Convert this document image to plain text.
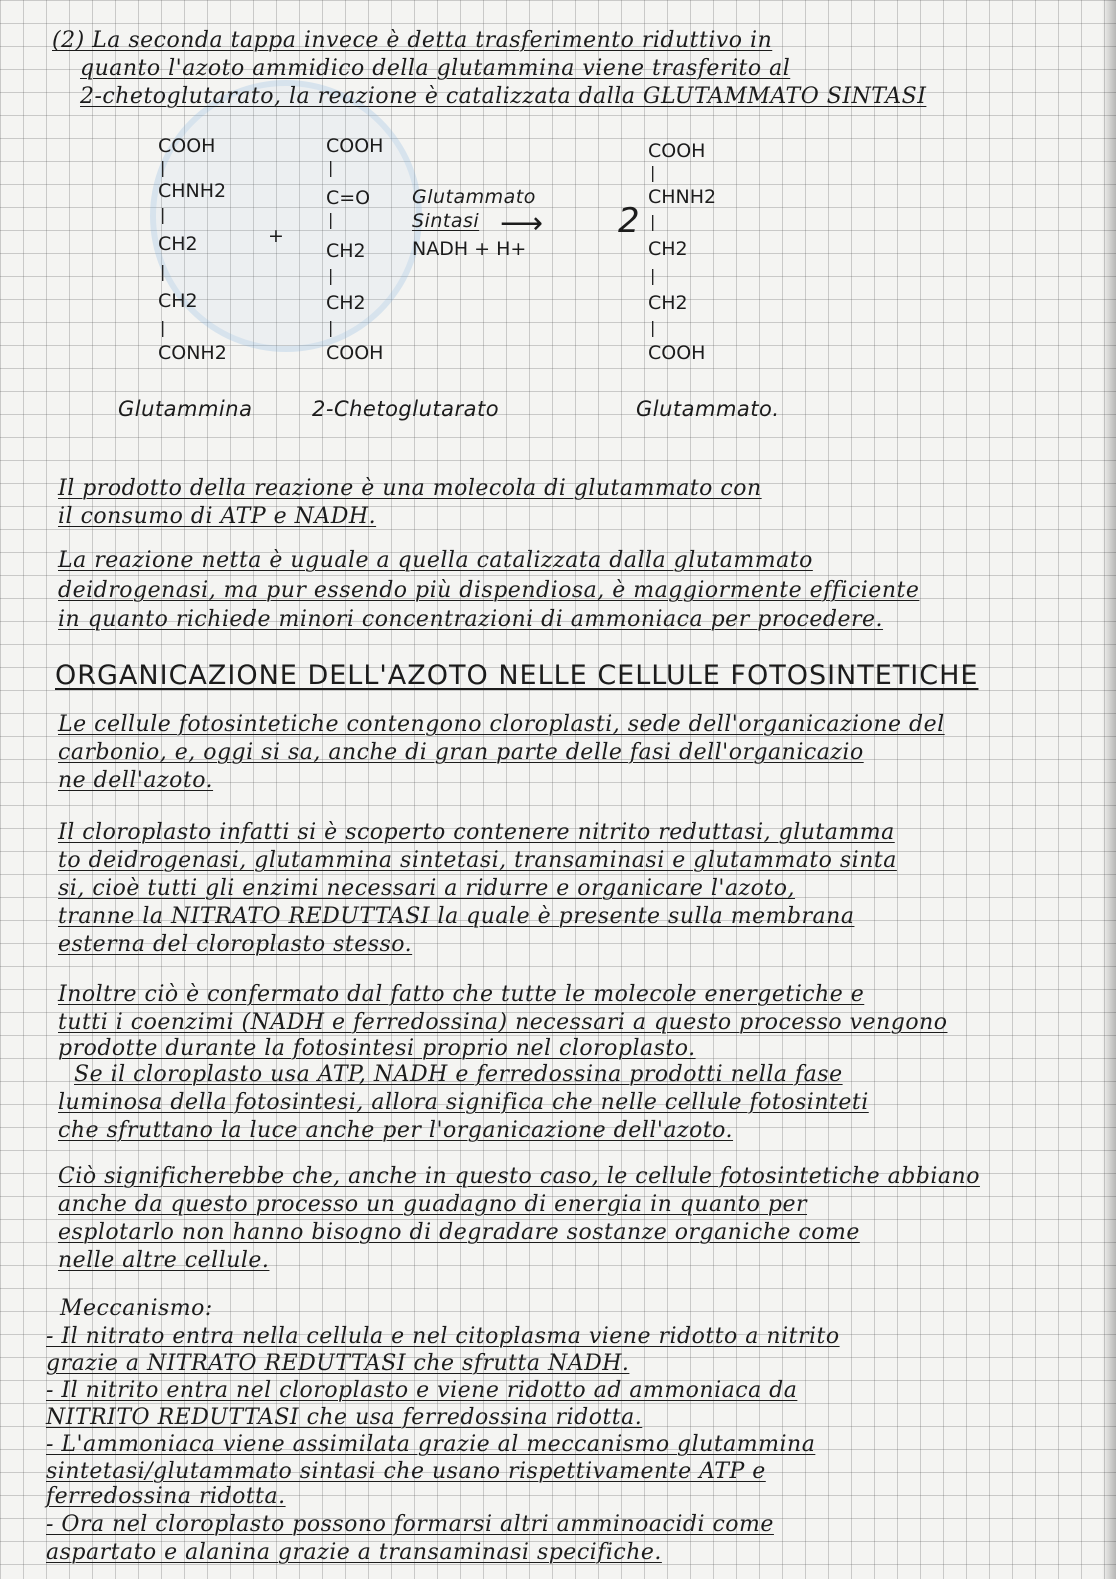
(2) La seconda tappa invece è detta trasferimento riduttivo in
quanto l'azoto ammidico della glutammina viene trasferito al
2-chetoglutarato, la reazione è catalizzata dalla GLUTAMMATO SINTASI
COOH
|
CHNH2
|
CH2
|
CH2
|
CONH2
+
COOH
|
C=O
|
CH2
|
CH2
|
COOH
Glutammato
Sintasi
NADH + H+
⟶ 2
COOH
|
CHNH2
|
CH2
|
CH2
|
COOH
Glutammina	2-Chetoglutarato	Glutammato.
Il prodotto della reazione è una molecola di glutammato con
il consumo di ATP e NADH.
La reazione netta è uguale a quella catalizzata dalla glutammato
deidrogenasi, ma pur essendo più dispendiosa, è maggiormente efficiente
in quanto richiede minori concentrazioni di ammoniaca per procedere.
ORGANICAZIONE DELL'AZOTO NELLE CELLULE FOTOSINTETICHE
Le cellule fotosintetiche contengono cloroplasti, sede dell'organicazione del
carbonio, e, oggi si sa, anche di gran parte delle fasi dell'organicazio
ne dell'azoto.
Il cloroplasto infatti si è scoperto contenere nitrito reduttasi, glutamma
to deidrogenasi, glutammina sintetasi, transaminasi e glutammato sinta
si, cioè tutti gli enzimi necessari a ridurre e organicare l'azoto,
tranne la NITRATO REDUTTASI la quale è presente sulla membrana
esterna del cloroplasto stesso.
Inoltre ciò è confermato dal fatto che tutte le molecole energetiche e
tutti i coenzimi (NADH e ferredossina) necessari a questo processo vengono
prodotte durante la fotosintesi proprio nel cloroplasto.
Se il cloroplasto usa ATP, NADH e ferredossina prodotti nella fase
luminosa della fotosintesi, allora significa che nelle cellule fotosinteti
che sfruttano la luce anche per l'organicazione dell'azoto.
Ciò significherebbe che, anche in questo caso, le cellule fotosintetiche abbiano
anche da questo processo un guadagno di energia in quanto per
esplotarlo non hanno bisogno di degradare sostanze organiche come
nelle altre cellule.
Meccanismo:
- Il nitrato entra nella cellula e nel citoplasma viene ridotto a nitrito
grazie a NITRATO REDUTTASI che sfrutta NADH.
- Il nitrito entra nel cloroplasto e viene ridotto ad ammoniaca da
NITRITO REDUTTASI che usa ferredossina ridotta.
- L'ammoniaca viene assimilata grazie al meccanismo glutammina
sintetasi/glutammato sintasi che usano rispettivamente ATP e
ferredossina ridotta.
- Ora nel cloroplasto possono formarsi altri amminoacidi come
aspartato e alanina grazie a transaminasi specifiche.
